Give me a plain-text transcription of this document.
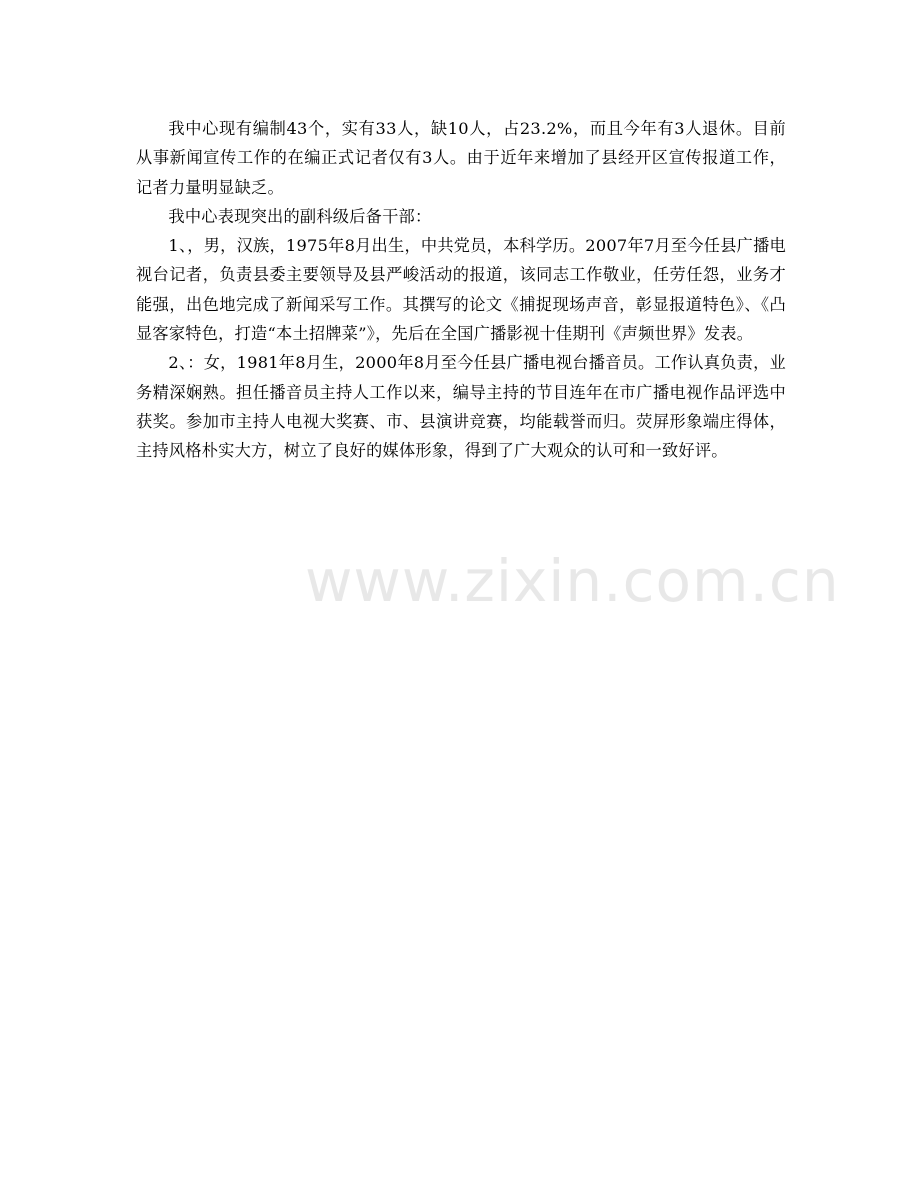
我中心现有编制43个，实有33人，缺10人，占23.2%，而且今年有3人退休。目前从事新闻宣传工作的在编正式记者仅有3人。由于近年来增加了县经开区宣传报道工作，记者力量明显缺乏。

我中心表现突出的副科级后备干部：

1、，男，汉族，1975年8月出生，中共党员，本科学历。2007年7月至今任县广播电视台记者，负责县委主要领导及县严峻活动的报道，该同志工作敬业，任劳任怨，业务才能强，出色地完成了新闻采写工作。其撰写的论文《捕捉现场声音，彰显报道特色》、《凸显客家特色，打造“本土招牌菜”》，先后在全国广播影视十佳期刊《声频世界》发表。

2、：女，1981年8月生，2000年8月至今任县广播电视台播音员。工作认真负责，业务精深娴熟。担任播音员主持人工作以来，编导主持的节目连年在市广播电视作品评选中获奖。参加市主持人电视大奖赛、市、县演讲竞赛，均能载誉而归。荧屏形象端庄得体，主持风格朴实大方，树立了良好的媒体形象，得到了广大观众的认可和一致好评。

www.zixin.com.cn
